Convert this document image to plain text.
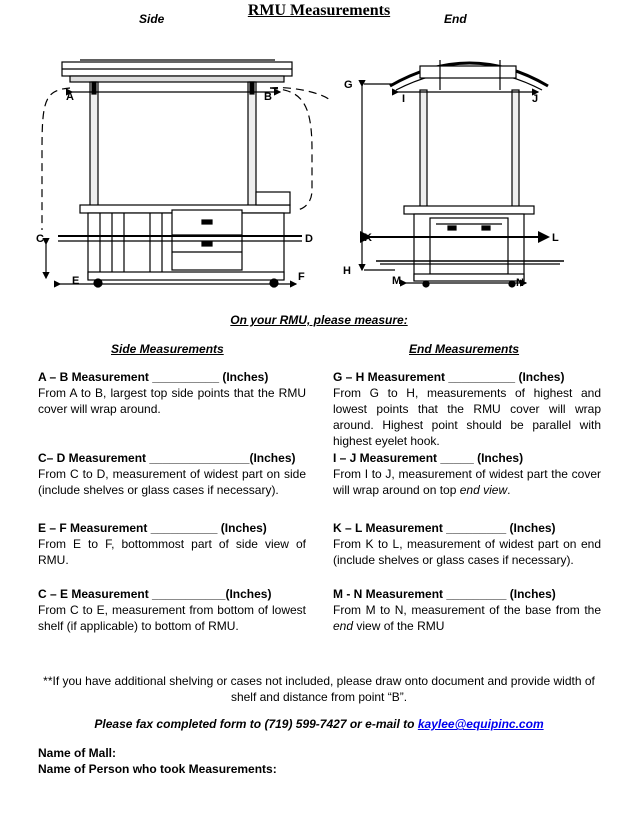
RMU Measurements
Side	End
A	B
C	D
E	F
G
H
I	J
K	L
M	N
On your RMU, please measure:
Side Measurements	End Measurements
A – B Measurement __________ (Inches)
From A to B, largest top side points that the RMU cover will wrap around.
C– D Measurement _______________(Inches)
From C to D, measurement of widest part on side (include shelves or glass cases if necessary).
E – F Measurement __________ (Inches)
From E to F, bottommost part of side view of RMU.
C – E Measurement ___________(Inches)
From C to E, measurement from bottom of lowest shelf (if applicable) to bottom of RMU.
G – H Measurement __________ (Inches)
From G to H, measurements of highest and lowest points that the RMU cover will wrap around. Highest point should be parallel with highest eyelet hook.
I – J Measurement _____ (Inches)
From I to J, measurement of widest part the cover will wrap around on top end view.
K – L Measurement _________ (Inches)
From K to L, measurement of widest part on end (include shelves or glass cases if necessary).
M - N Measurement _________ (Inches)
From M to N, measurement of the base from the end view of the RMU
**If you have additional shelving or cases not included, please draw onto document and provide width of shelf and distance from point “B”.
Please fax completed form to (719) 599-7427 or e-mail to kaylee@equipinc.com
Name of Mall:
Name of Person who took Measurements:
